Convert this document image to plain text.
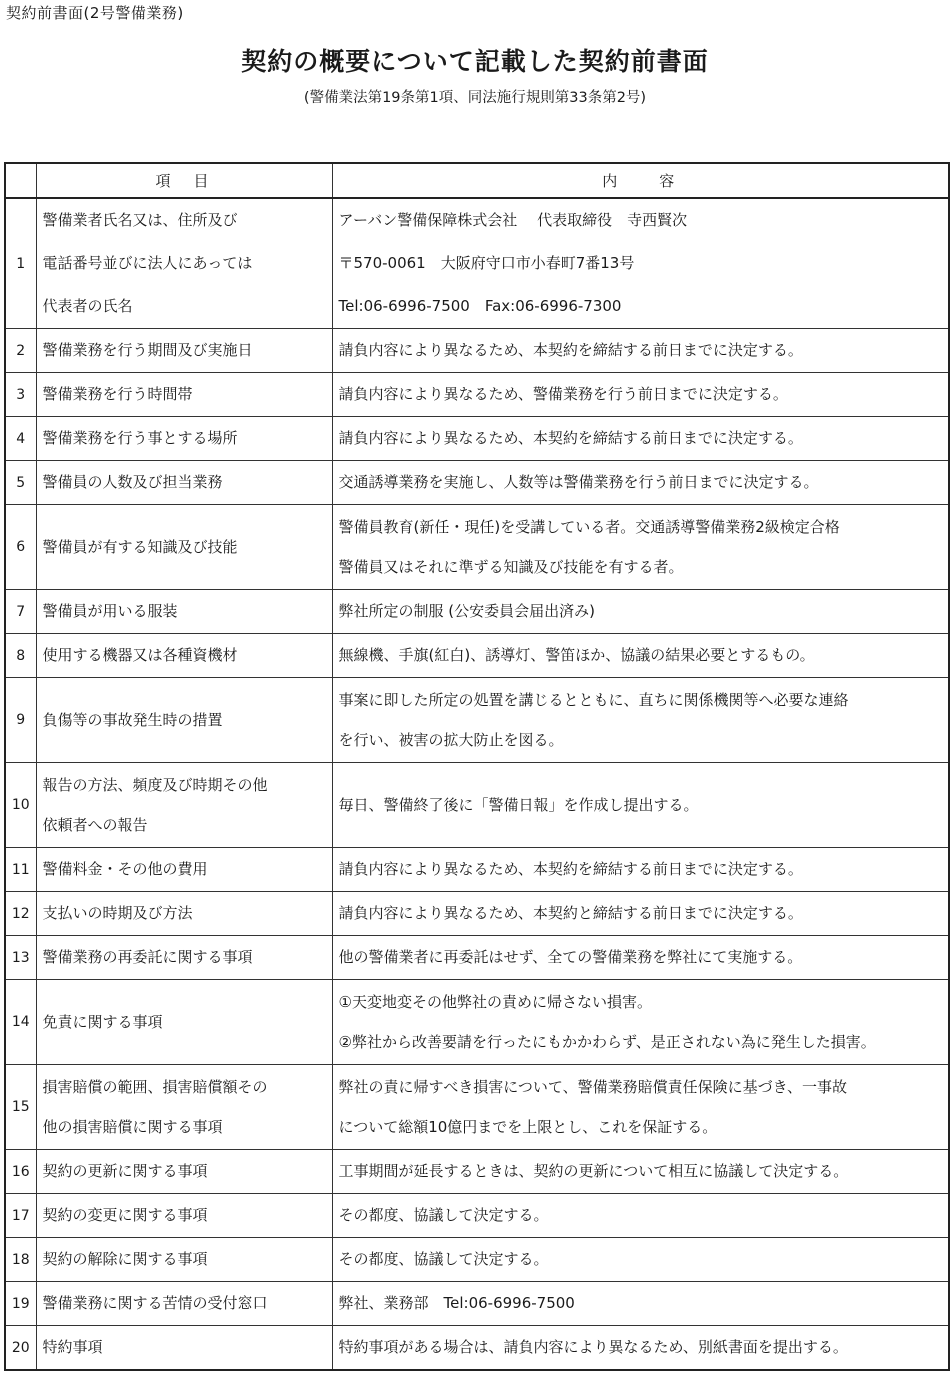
契約前書面(2号警備業務)
契約の概要について記載した契約前書面
(警備業法第19条第1項、同法施行規則第33条第2号)
	項　目	内　　容
1	警備業者氏名又は、住所及び
電話番号並びに法人にあっては
代表者の氏名	アーバン警備保障株式会社　 代表取締役　寺西賢次
〒570-0061　大阪府守口市小春町7番13号
Tel:06-6996-7500　Fax:06-6996-7300

2	警備業務を行う期間及び実施日	請負内容により異なるため、本契約を締結する前日までに決定する。

3	警備業務を行う時間帯	請負内容により異なるため、警備業務を行う前日までに決定する。

4	警備業務を行う事とする場所	請負内容により異なるため、本契約を締結する前日までに決定する。

5	警備員の人数及び担当業務	交通誘導業務を実施し、人数等は警備業務を行う前日までに決定する。

6	警備員が有する知識及び技能	警備員教育(新任・現任)を受講している者。交通誘導警備業務2級検定合格
警備員又はそれに準ずる知識及び技能を有する者。

7	警備員が用いる服装	弊社所定の制服 (公安委員会届出済み)

8	使用する機器又は各種資機材	無線機、手旗(紅白)、誘導灯、警笛ほか、協議の結果必要とするもの。

9	負傷等の事故発生時の措置	事案に即した所定の処置を講じるとともに、直ちに関係機関等へ必要な連絡
を行い、被害の拡大防止を図る。

10	報告の方法、頻度及び時期その他
依頼者への報告	毎日、警備終了後に「警備日報」を作成し提出する。

11	警備料金・その他の費用	請負内容により異なるため、本契約を締結する前日までに決定する。

12	支払いの時期及び方法	請負内容により異なるため、本契約と締結する前日までに決定する。

13	警備業務の再委託に関する事項	他の警備業者に再委託はせず、全ての警備業務を弊社にて実施する。

14	免責に関する事項	①天変地変その他弊社の責めに帰さない損害。
②弊社から改善要請を行ったにもかかわらず、是正されない為に発生した損害。

15	損害賠償の範囲、損害賠償額その
他の損害賠償に関する事項	弊社の責に帰すべき損害について、警備業務賠償責任保険に基づき、一事故
について総額10億円までを上限とし、これを保証する。

16	契約の更新に関する事項	工事期間が延長するときは、契約の更新について相互に協議して決定する。

17	契約の変更に関する事項	その都度、協議して決定する。

18	契約の解除に関する事項	その都度、協議して決定する。

19	警備業務に関する苦情の受付窓口	弊社、業務部　Tel:06-6996-7500

20	特約事項	特約事項がある場合は、請負内容により異なるため、別紙書面を提出する。
